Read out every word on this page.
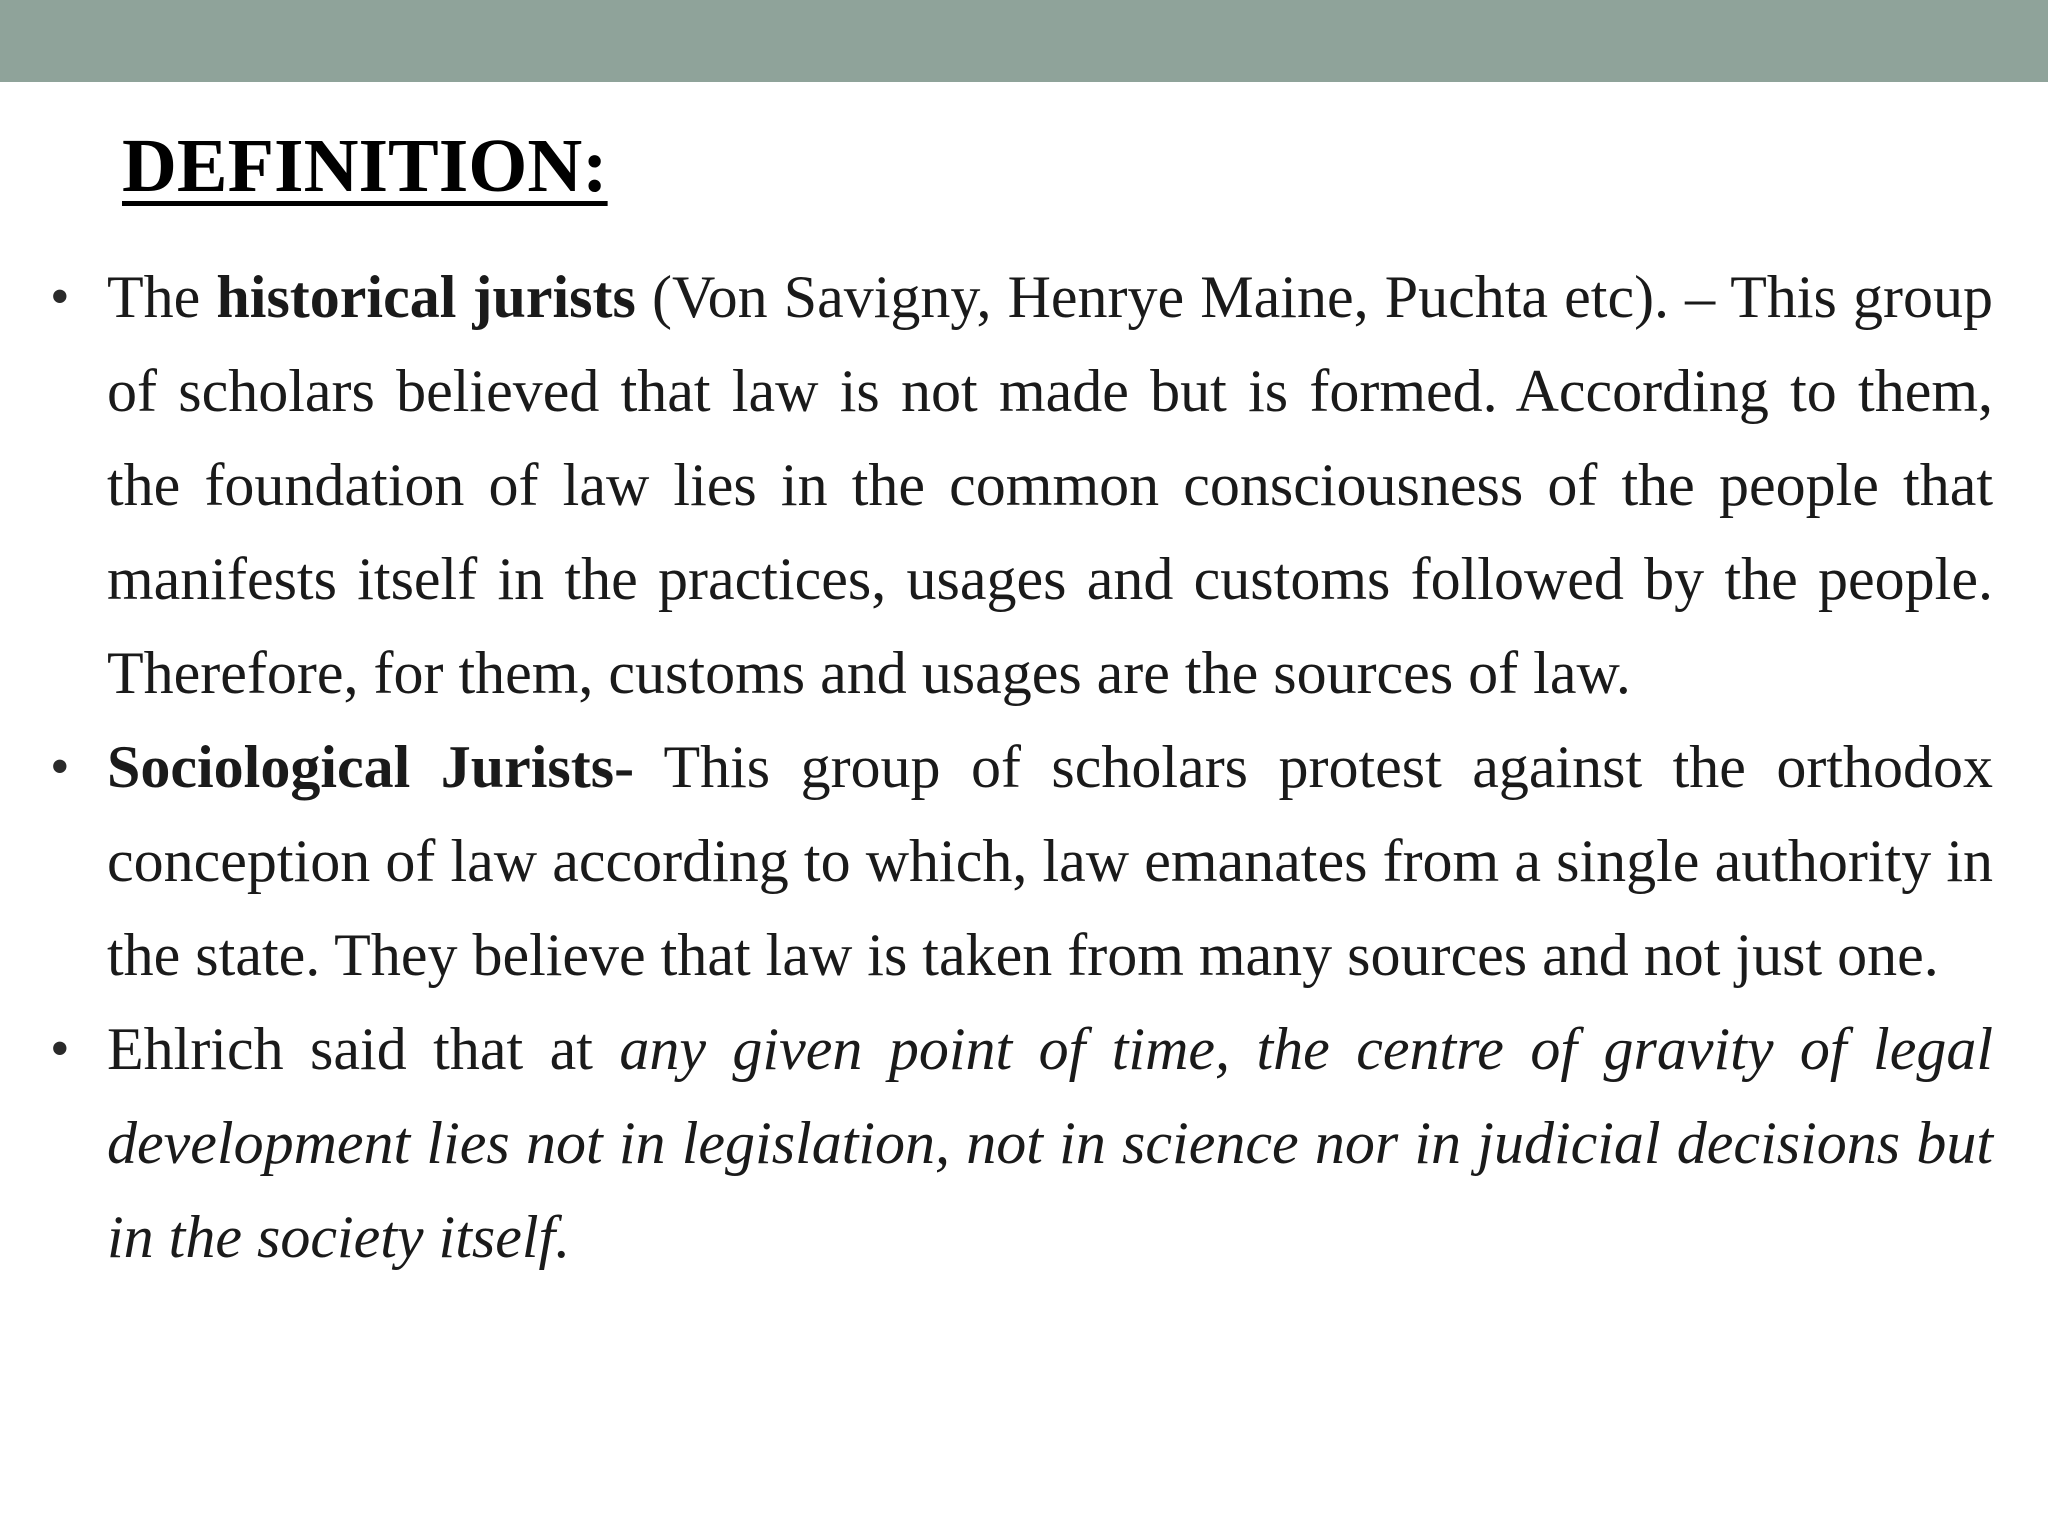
DEFINITION:
• The historical jurists (Von Savigny, Henrye Maine, Puchta etc). – This group of scholars believed that law is not made but is formed. According to them, the foundation of law lies in the common consciousness of the people that manifests itself in the practices, usages and customs followed by the people. Therefore, for them, customs and usages are the sources of law.
• Sociological Jurists- This group of scholars protest against the orthodox conception of law according to which, law emanates from a single authority in the state. They believe that law is taken from many sources and not just one.
• Ehlrich said that at any given point of time, the centre of gravity of legal development lies not in legislation, not in science nor in judicial decisions but in the society itself.
